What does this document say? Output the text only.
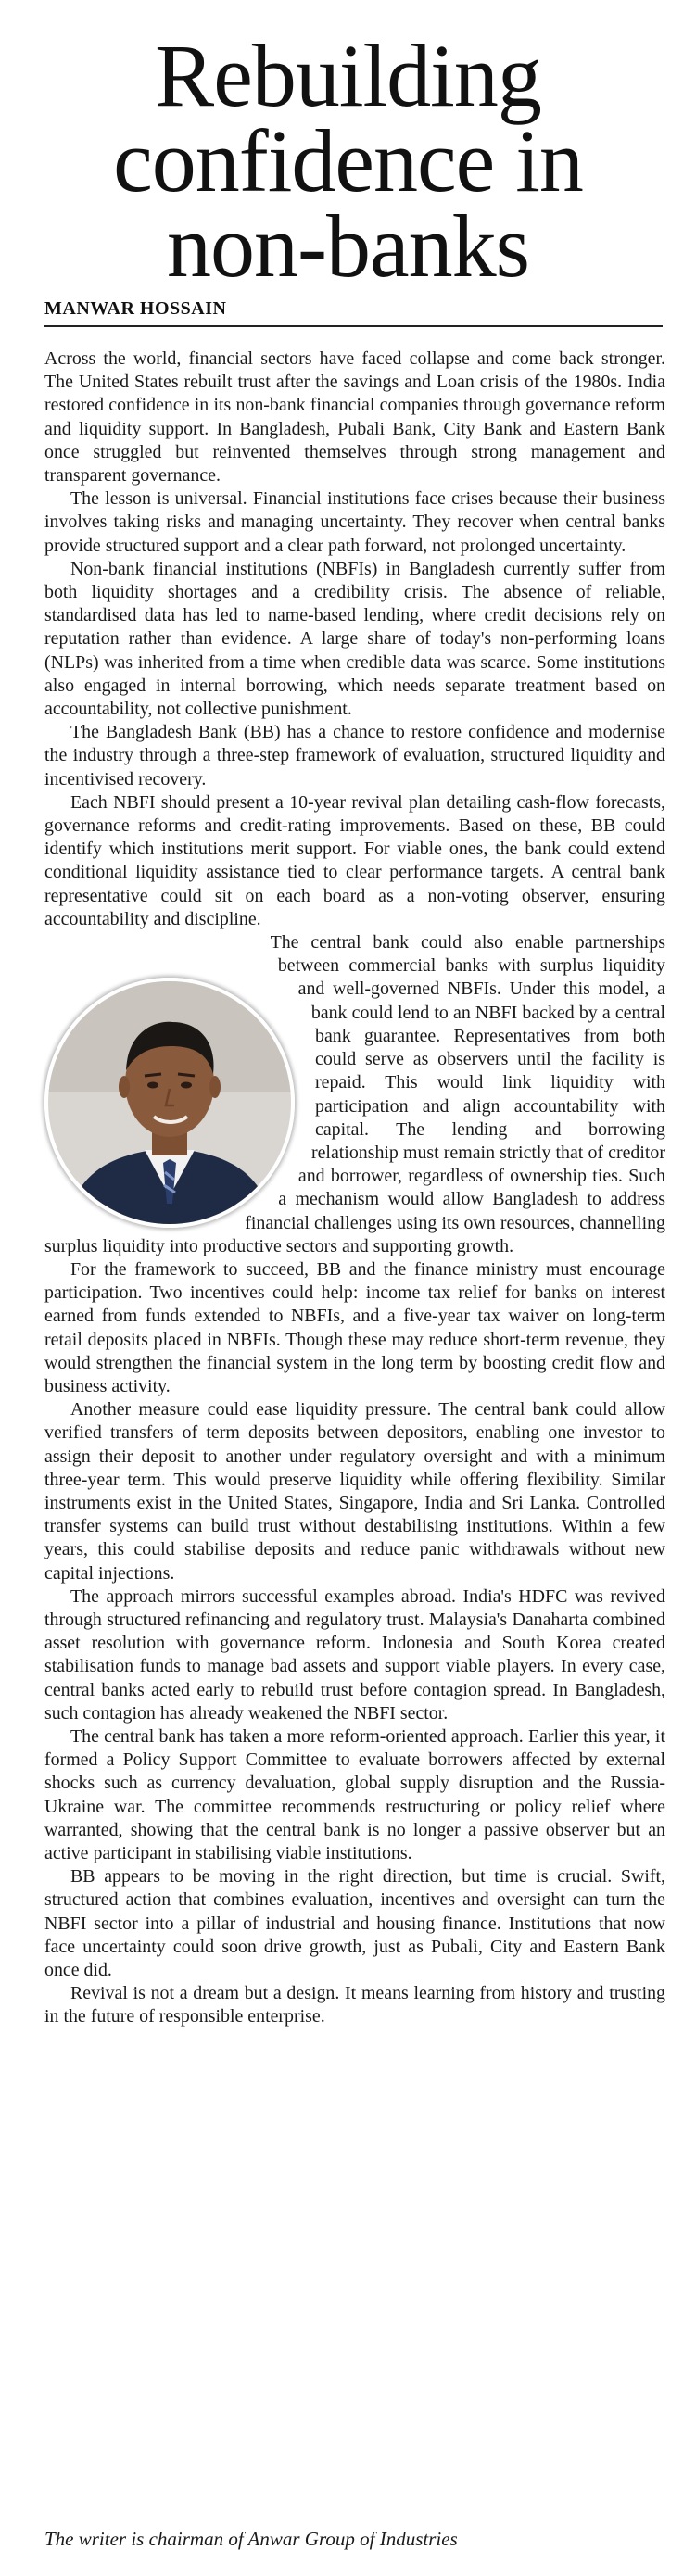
Rebuilding
confidence in
non-banks
MANWAR HOSSAIN

Across the world, financial sectors have faced collapse and come back stronger. The United States rebuilt trust after the savings and Loan crisis of the 1980s. India restored confidence in its non-bank financial companies through governance reform and liquidity support. In Bangladesh, Pubali Bank, City Bank and Eastern Bank once struggled but reinvented themselves through strong management and transparent governance.

The lesson is universal. Financial institutions face crises because their business involves taking risks and managing uncertainty. They recover when central banks provide structured support and a clear path forward, not prolonged uncertainty.

Non-bank financial institutions (NBFIs) in Bangladesh currently suffer from both liquidity shortages and a credibility crisis. The absence of reliable, standardised data has led to name-based lending, where credit decisions rely on reputation rather than evidence. A large share of today's non-performing loans (NLPs) was inherited from a time when credible data was scarce. Some institutions also engaged in internal borrowing, which needs separate treatment based on accountability, not collective punishment.

The Bangladesh Bank (BB) has a chance to restore confidence and modernise the industry through a three-step framework of evaluation, structured liquidity and incentivised recovery.

Each NBFI should present a 10-year revival plan detailing cash-flow forecasts, governance reforms and credit-rating improvements. Based on these, BB could identify which institutions merit support. For viable ones, the bank could extend conditional liquidity assistance tied to clear performance targets. A central bank representative could sit on each board as a non-voting observer, ensuring accountability and discipline.

The central bank could also enable partnerships between commercial banks with surplus liquidity and well-governed NBFIs. Under this model, a bank could lend to an NBFI backed by a central bank guarantee. Representatives from both could serve as observers until the facility is repaid. This would link liquidity with participation and align accountability with capital. The lending and borrowing relationship must remain strictly that of creditor and borrower, regardless of ownership ties. Such a mechanism would allow Bangladesh to address financial challenges using its own resources, channelling surplus liquidity into productive sectors and supporting growth.

For the framework to succeed, BB and the finance ministry must encourage participation. Two incentives could help: income tax relief for banks on interest earned from funds extended to NBFIs, and a five-year tax waiver on long-term retail deposits placed in NBFIs. Though these may reduce short-term revenue, they would strengthen the financial system in the long term by boosting credit flow and business activity.

Another measure could ease liquidity pressure. The central bank could allow verified transfers of term deposits between depositors, enabling one investor to assign their deposit to another under regulatory oversight and with a minimum three-year term. This would preserve liquidity while offering flexibility. Similar instruments exist in the United States, Singapore, India and Sri Lanka. Controlled transfer systems can build trust without destabilising institutions. Within a few years, this could stabilise deposits and reduce panic withdrawals without new capital injections.

The approach mirrors successful examples abroad. India's HDFC was revived through structured refinancing and regulatory trust. Malaysia's Danaharta combined asset resolution with governance reform. Indonesia and South Korea created stabilisation funds to manage bad assets and support viable players. In every case, central banks acted early to rebuild trust before contagion spread. In Bangladesh, such contagion has already weakened the NBFI sector.

The central bank has taken a more reform-oriented approach. Earlier this year, it formed a Policy Support Committee to evaluate borrowers affected by external shocks such as currency devaluation, global supply disruption and the Russia-Ukraine war. The committee recommends restructuring or policy relief where warranted, showing that the central bank is no longer a passive observer but an active participant in stabilising viable institutions.

BB appears to be moving in the right direction, but time is crucial. Swift, structured action that combines evaluation, incentives and oversight can turn the NBFI sector into a pillar of industrial and housing finance. Institutions that now face uncertainty could soon drive growth, just as Pubali, City and Eastern Bank once did.

Revival is not a dream but a design. It means learning from history and trusting in the future of responsible enterprise.

The writer is chairman of Anwar Group of Industries
